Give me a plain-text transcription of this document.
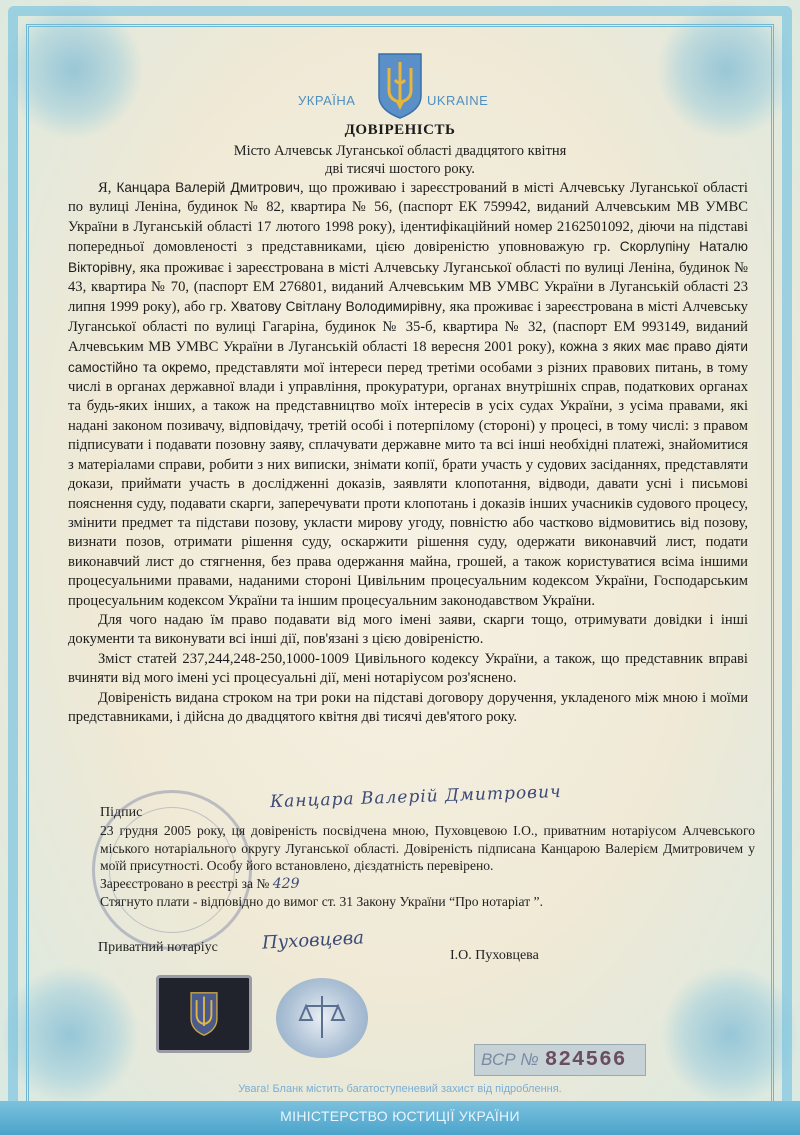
УКРАЇНА	UKRAINE
ДОВІРЕНІСТЬ
Місто Алчевськ Луганської області двадцятого квітня
дві тисячі шостого року.

Я, Канцара Валерій Дмитрович, що проживаю і зареєстрований в місті Алчевську Луганської області по вулиці Леніна, будинок № 82, квартира № 56, (паспорт ЕК 759942, виданий Алчевським МВ УМВС України в Луганській області 17 лютого 1998 року), ідентифікаційний номер 2162501092, діючи на підставі попередньої домовленості з представниками, цією довіреністю уповноважую гр. Скорлупіну Наталю Вікторівну, яка проживає і зареєстрована в місті Алчевську Луганської області по вулиці Леніна, будинок № 43, квартира № 70, (паспорт ЕМ 276801, виданий Алчевським МВ УМВС України в Луганській області 23 липня 1999 року), або гр. Хватову Світлану Володимирівну, яка проживає і зареєстрована в місті Алчевську Луганської області по вулиці Гагаріна, будинок № 35-б, квартира № 32, (паспорт ЕМ 993149, виданий Алчевським МВ УМВС України в Луганській області 18 вересня 2001 року), кожна з яких має право діяти самостійно та окремо, представляти мої інтереси перед третіми особами з різних правових питань, в тому числі в органах державної влади і управління, прокуратури, органах внутрішніх справ, податкових органах та будь-яких інших, а також на представництво моїх інтересів в усіх судах України, з усіма правами, які надані законом позивачу, відповідачу, третій особі і потерпілому (стороні) у процесі, в тому числі: з правом підписувати і подавати позовну заяву, сплачувати державне мито та всі інші необхідні платежі, знайомитися з матеріалами справи, робити з них виписки, знімати копії, брати участь у судових засіданнях, представляти докази, приймати участь в дослідженні доказів, заявляти клопотання, відводи, давати усні і письмові пояснення суду, подавати скарги, заперечувати проти клопотань і доказів інших учасників судового процесу, змінити предмет та підстави позову, укласти мирову угоду, повністю або частково відмовитись від позову, визнати позов, отримати рішення суду, оскаржити рішення суду, одержати виконавчий лист, подати виконавчий лист до стягнення, без права одержання майна, грошей, а також користуватися всіма іншими процесуальними правами, наданими стороні Цивільним процесуальним кодексом України, Господарським процесуальним кодексом України та іншим процесуальним законодавством України.

Для чого надаю їм право подавати від мого імені заяви, скарги тощо, отримувати довідки і інші документи та виконувати всі інші дії, пов'язані з цією довіреністю.

Зміст статей 237,244,248-250,1000-1009 Цивільного кодексу України, а також, що представник вправі вчиняти від мого імені усі процесуальні дії, мені нотаріусом роз'яснено.

Довіреність видана строком на три роки на підставі договору доручення, укладеного між мною і моїми представниками, і дійсна до двадцятого квітня дві тисячі дев'ятого року.

Підпис
Канцара Валерій Дмитрович

23 грудня 2005 року, ця довіреність посвідчена мною, Пуховцевою І.О., приватним нотаріусом Алчевського міського нотаріального округу Луганської області. Довіреність підписана Канцарою Валерієм Дмитровичем у моїй присутності. Особу його встановлено, дієздатність перевірено.

Зареєстровано в реєстрі за № 429

Стягнуто плати - відповідно до вимог ст. 31 Закону України “Про нотаріат ”.

Приватний нотаріус Пуховцева
І.О. Пуховцева
ВСР № 824566
Увага! Бланк містить багатоступеневий захист від підроблення.
МІНІСТЕРСТВО ЮСТИЦІЇ УКРАЇНИ
